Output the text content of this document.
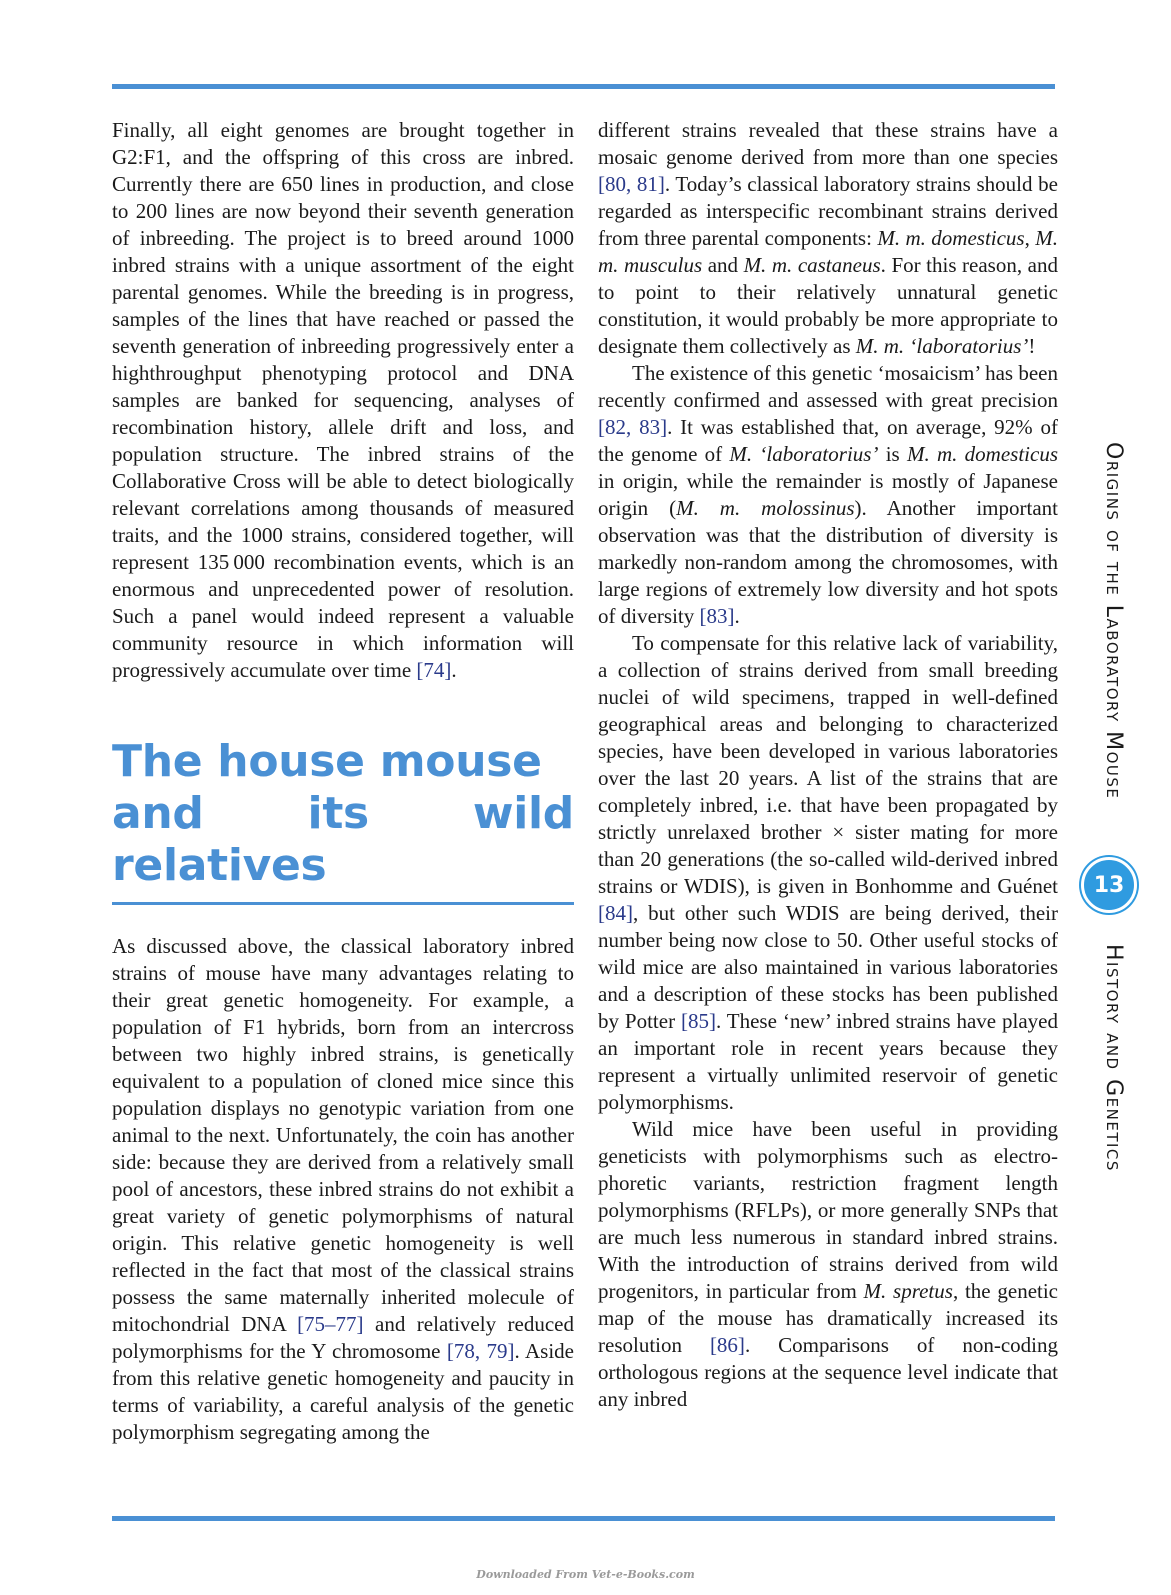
Finally, all eight genomes are brought together in G2:F1, and the offspring of this cross are inbred. Currently there are 650 lines in production, and close to 200 lines are now beyond their seventh generation of inbreeding. The project is to breed around 1000 inbred strains with a unique assortment of the eight parental genomes. While the breeding is in progress, samples of the lines that have reached or passed the seventh generation of inbreeding progressively enter a highthroughput phenotyping protocol and DNA samples are banked for sequencing, analyses of recombination history, allele drift and loss, and population structure. The inbred strains of the Collaborative Cross will be able to detect biologically relevant correlations among thousands of measured traits, and the 1000 strains, considered together, will represent 135 000 recombination events, which is an enormous and unprecedented power of resolution. Such a panel would indeed represent a valuable community resource in which information will progressively accumulate over time [74].

The house mouse
and its wild relatives

As discussed above, the classical laboratory inbred strains of mouse have many advantages relating to their great genetic homogeneity. For example, a population of F1 hybrids, born from an intercross between two highly inbred strains, is genetically equivalent to a population of cloned mice since this population displays no genotypic variation from one animal to the next. Unfortunately, the coin has another side: because they are derived from a relatively small pool of ancestors, these inbred strains do not exhibit a great variety of genetic polymorphisms of natural origin. This relative genetic homogeneity is well reflected in the fact that most of the classical strains possess the same maternally inherited molecule of mitochondrial DNA [75–77] and relatively reduced polymorphisms for the Y chromosome [78, 79]. Aside from this relative genetic homogeneity and paucity in terms of variability, a careful analysis of the genetic polymorphism segregating among the

different strains revealed that these strains have a mosaic genome derived from more than one species [80, 81]. Today’s classical laboratory strains should be regarded as interspecific recombinant strains derived from three parental components: M. m. domesticus, M. m. musculus and M. m. castaneus. For this reason, and to point to their relatively unnatural genetic constitution, it would probably be more appropriate to designate them collectively as M. m. ‘laboratorius’!

The existence of this genetic ‘mosaicism’ has been recently confirmed and assessed with great precision [82, 83]. It was established that, on average, 92% of the genome of M. ‘laboratorius’ is M. m. domesticus in origin, while the remainder is mostly of Japanese origin (M. m. molossinus). Another important observation was that the distribution of diversity is markedly non-random among the chromosomes, with large regions of extremely low diversity and hot spots of diversity [83].

To compensate for this relative lack of variability, a collection of strains derived from small breeding nuclei of wild specimens, trapped in well-defined geographical areas and belonging to characterized species, have been developed in various laboratories over the last 20 years. A list of the strains that are completely inbred, i.e. that have been propagated by strictly unrelaxed brother × sister mating for more than 20 generations (the so-called wild-derived inbred strains or WDIS), is given in Bonhomme and Guénet [84], but other such WDIS are being derived, their number being now close to 50. Other useful stocks of wild mice are also maintained in various laboratories and a description of these stocks has been published by Potter [85]. These ‘new’ inbred strains have played an important role in recent years because they represent a virtually unlimited reservoir of genetic polymorphisms.

Wild mice have been useful in providing geneticists with polymorphisms such as electrophoretic variants, restriction fragment length polymorphisms (RFLPs), or more generally SNPs that are much less numerous in standard inbred strains. With the introduction of strains derived from wild progenitors, in particular from M. spretus, the genetic map of the mouse has dramatically increased its resolution [86]. Comparisons of non-coding orthologous regions at the sequence level indicate that any inbred

Origins of the Laboratory Mouse
13
History and Genetics
Downloaded From Vet-e-Books.com
